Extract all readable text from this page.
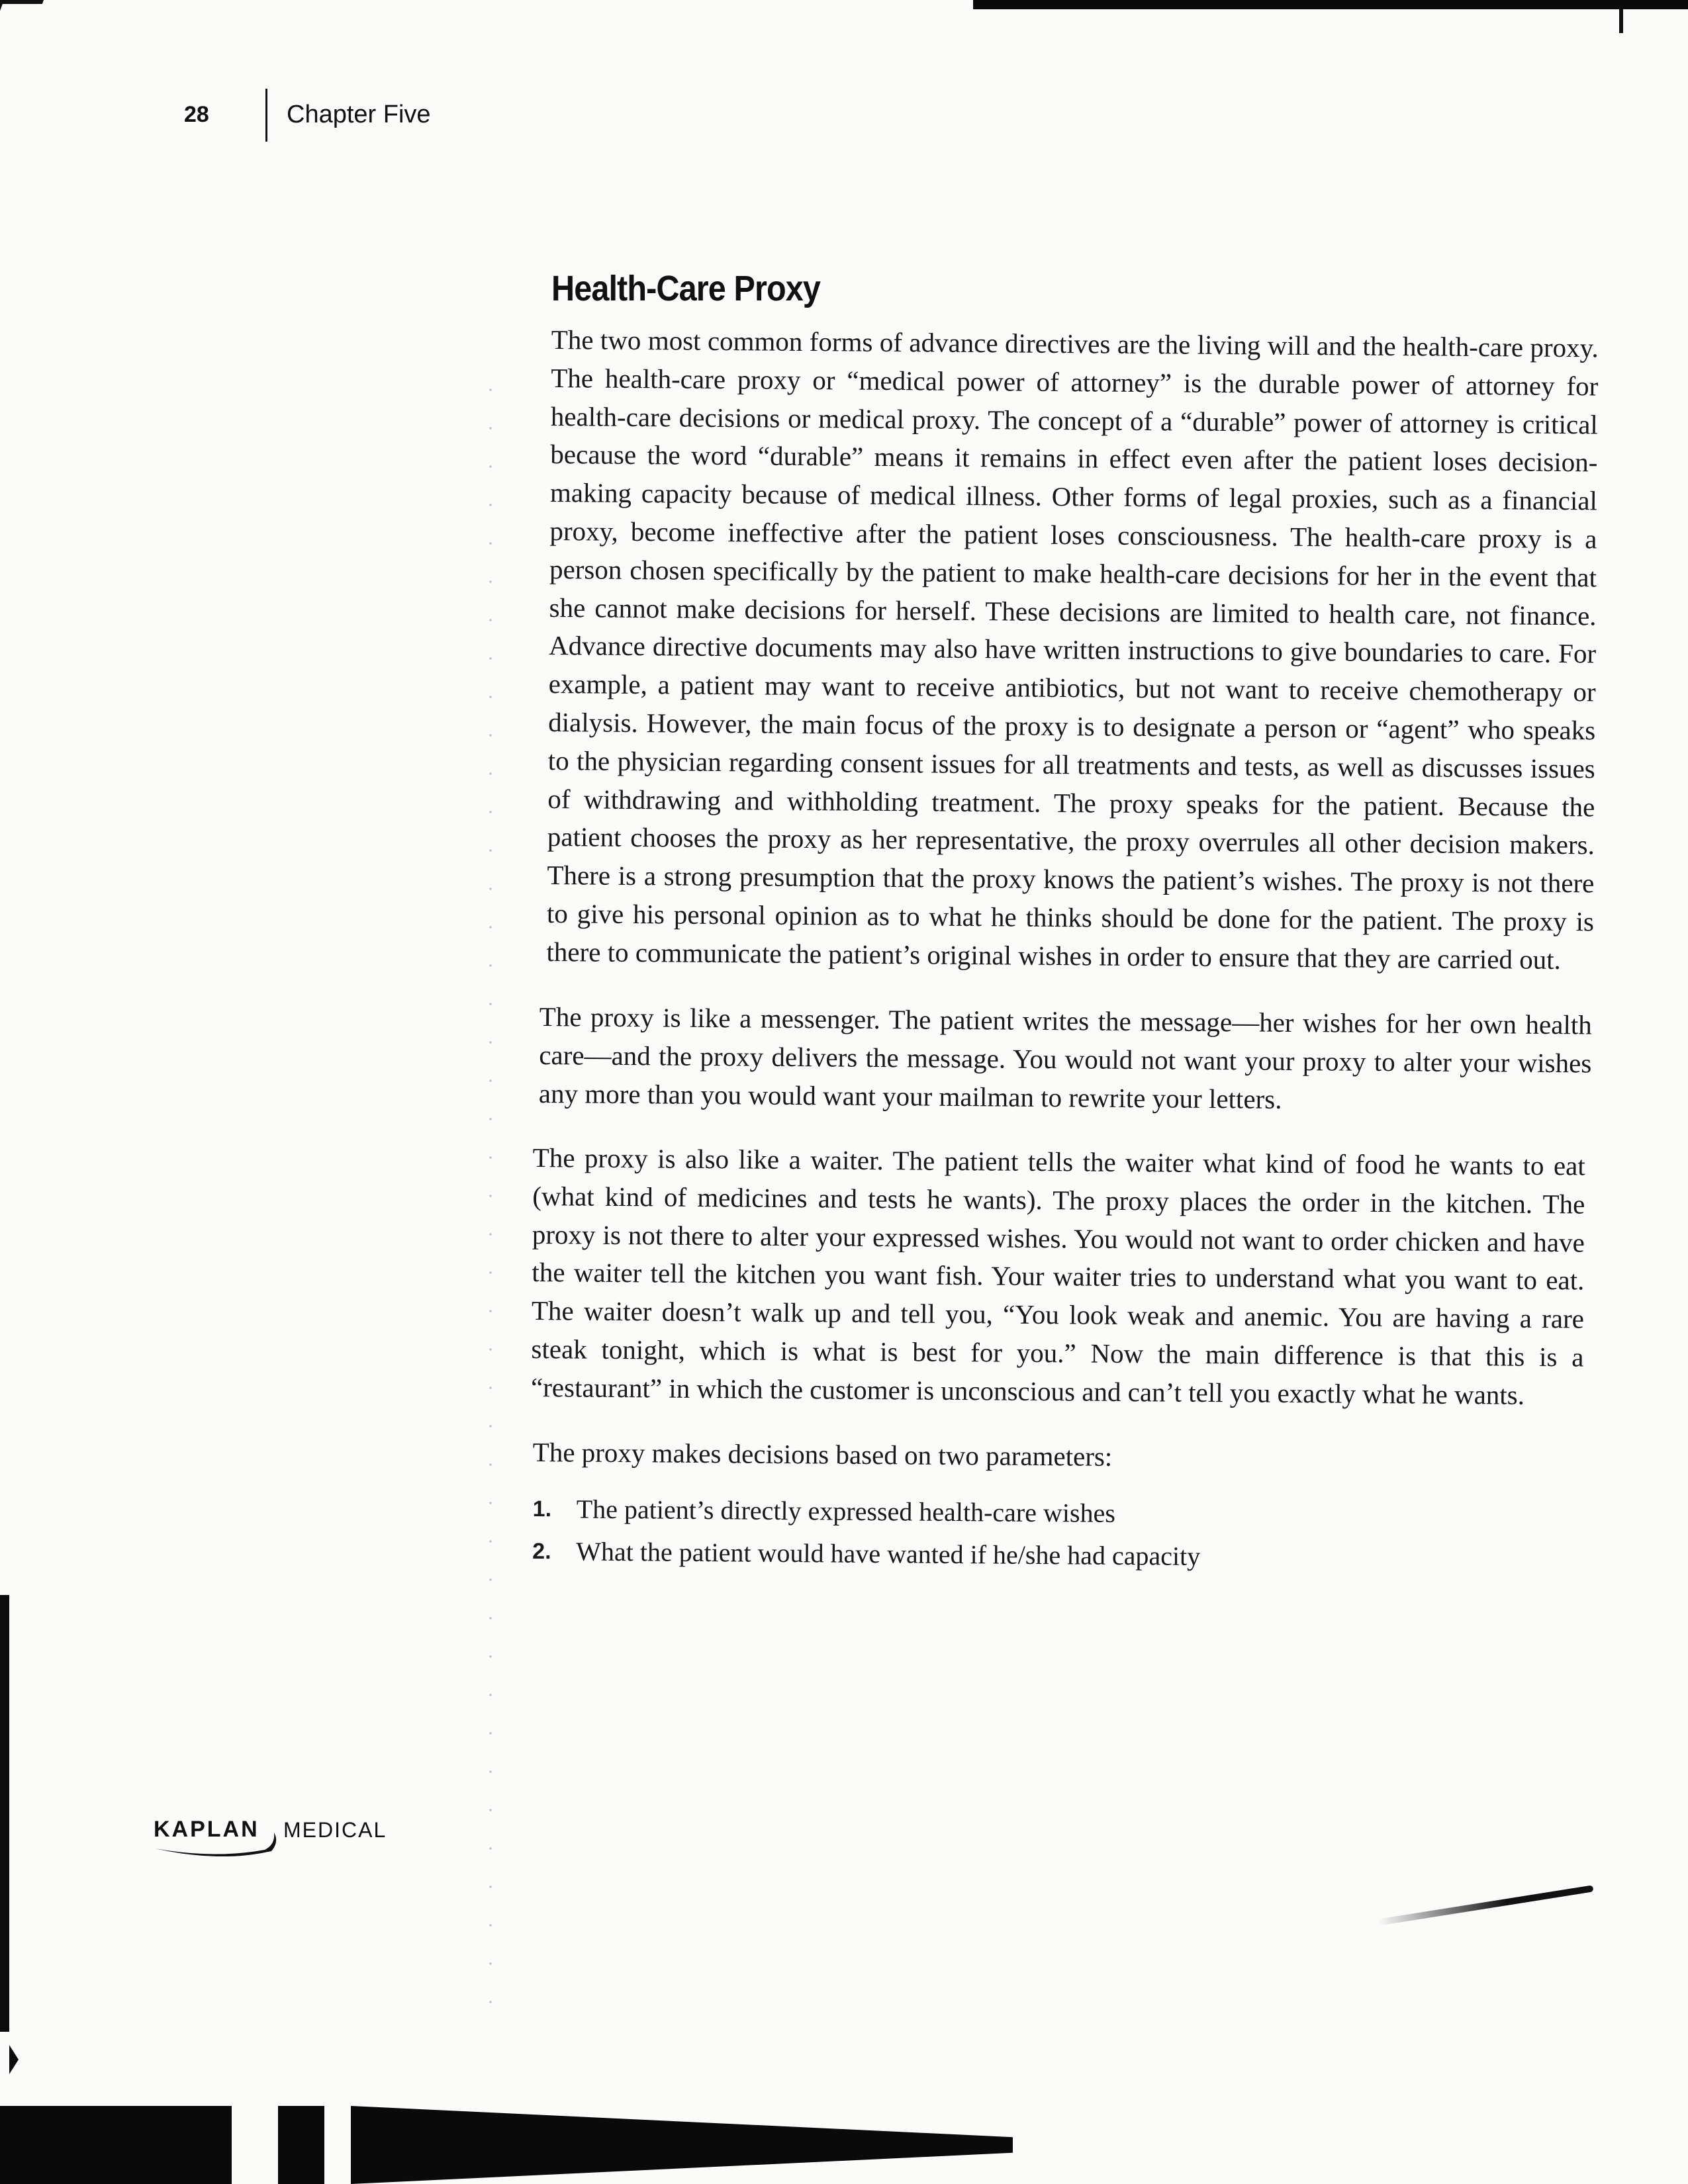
28	Chapter Five
Health-Care Proxy

The two most common forms of advance directives are the living will and the health-care proxy. The health-care proxy or “medical power of attorney” is the durable power of attorney for health-care decisions or medical proxy. The concept of a “durable” power of attorney is critical because the word “durable” means it remains in effect even after the patient loses decision-making capacity because of medical illness. Other forms of legal proxies, such as a financial proxy, become ineffective after the patient loses consciousness. The health-care proxy is a person chosen specifically by the patient to make health-care decisions for her in the event that she cannot make decisions for herself. These decisions are limited to health care, not finance. Advance directive documents may also have written instructions to give boundaries to care. For example, a patient may want to receive antibiotics, but not want to receive chemotherapy or dialysis. However, the main focus of the proxy is to designate a person or “agent” who speaks to the physician regarding consent issues for all treatments and tests, as well as discusses issues of withdrawing and withholding treatment. The proxy speaks for the patient. Because the patient chooses the proxy as her representative, the proxy overrules all other decision makers. There is a strong presumption that the proxy knows the patient’s wishes. The proxy is not there to give his personal opinion as to what he thinks should be done for the patient. The proxy is there to communicate the patient’s original wishes in order to ensure that they are carried out.

The proxy is like a messenger. The patient writes the message—her wishes for her own health care—and the proxy delivers the message. You would not want your proxy to alter your wishes any more than you would want your mailman to rewrite your letters.

The proxy is also like a waiter. The patient tells the waiter what kind of food he wants to eat (what kind of medicines and tests he wants). The proxy places the order in the kitchen. The proxy is not there to alter your expressed wishes. You would not want to order chicken and have the waiter tell the kitchen you want fish. Your waiter tries to understand what you want to eat. The waiter doesn’t walk up and tell you, “You look weak and anemic. You are having a rare steak tonight, which is what is best for you.” Now the main difference is that this is a “restaurant” in which the customer is unconscious and can’t tell you exactly what he wants.

The proxy makes decisions based on two parameters:

1. The patient’s directly expressed health-care wishes
2. What the patient would have wanted if he/she had capacity
KAPLAN MEDICAL
